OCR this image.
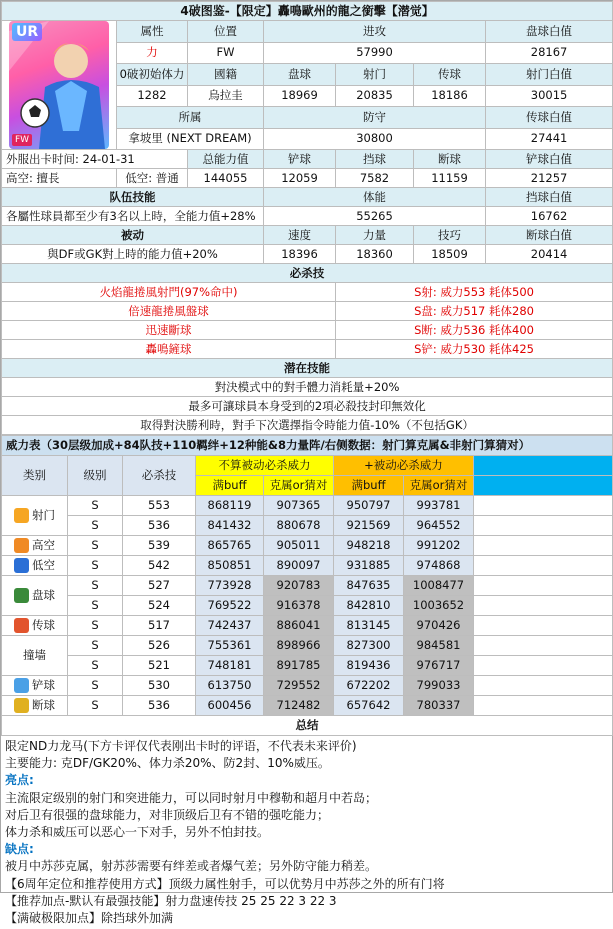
4破图鉴-【限定】轟鳴歐州的龍之銜擊【潜觉】						

UR
FW	属性	位置	进攻			盘球白值
	力	FW	57990			28167
	0破初始体力	國籍	盘球	射门	传球	射门白值
	1282	烏拉圭	18969	20835	18186	30015
	所属		防守			传球白值
	拿坡里 (NEXT DREAM)		30800			27441
外服出卡时间: 24-01-31		总能力值	铲球	挡球	断球	铲球白值
高空: 擅長	低空: 普通	144055	12059	7582	11159	21257
队伍技能			体能			挡球白值
各屬性球員都至少有3名以上時，全能力值+28%			55265			16762
被动			速度	力量	技巧	断球白值
與DF或GK對上時的能力值+20%			18396	18360	18509	20414
必杀技						
火焰龍捲風射門(97%命中)				S射: 威力553 耗体500		
倍速龍捲風盤球				S盘: 威力517 耗体280		
迅速斷球				S断: 威力536 耗体400		
轟鳴鏟球				S铲: 威力530 耗体425		
潜在技能						
對決模式中的對手體力消耗量+20%						
最多可讓球員本身受到的2項必殺技封印無效化						
取得對決勝利時，對手下次選擇指令時能力值-10%（不包括GK）						
威力表（30层级加成+84队技+110羁绊+12种能&8力量阵/右侧数据：射门算克属&非射门算猜对）							
类别	级别	必杀技	不算被动必杀威力		+被动必杀威力		
			满buff	克属or猜对	满buff	克属or猜对	
射门	S	553	868119	907365	950797	993781	
	S	536	841432	880678	921569	964552	
高空	S	539	865765	905011	948218	991202	
低空	S	542	850851	890097	931885	974868	
盘球	S	527	773928	920783	847635	1008477	
	S	524	769522	916378	842810	1003652	
传球	S	517	742437	886041	813145	970426	
撞墙	S	526	755361	898966	827300	984581	
	S	521	748181	891785	819436	976717	
铲球	S	530	613750	729552	672202	799033	
断球	S	536	600456	712482	657642	780337	
总结							
限定ND力龙马(下方卡评仅代表刚出卡时的评语，不代表未来评价)
主要能力: 克DF/GK20%、体力杀20%、防2封、10%威压。
亮点:
主流限定级别的射门和突进能力，可以同时射月中穆勒和超月中若岛；
对后卫有很强的盘球能力，对非顶级后卫有不错的强吃能力；
体力杀和威压可以恶心一下对手，另外不怕封技。
缺点:
被月中苏莎克属，射苏莎需要有绊差或者爆气差；另外防守能力稍差。
【6周年定位和推荐使用方式】顶级力属性射手，可以优势月中苏莎之外的所有门将
【推荐加点-默认有最强技能】射力盘速传技 25 25 22 3 22 3
【满破极限加点】除挡球外加满
